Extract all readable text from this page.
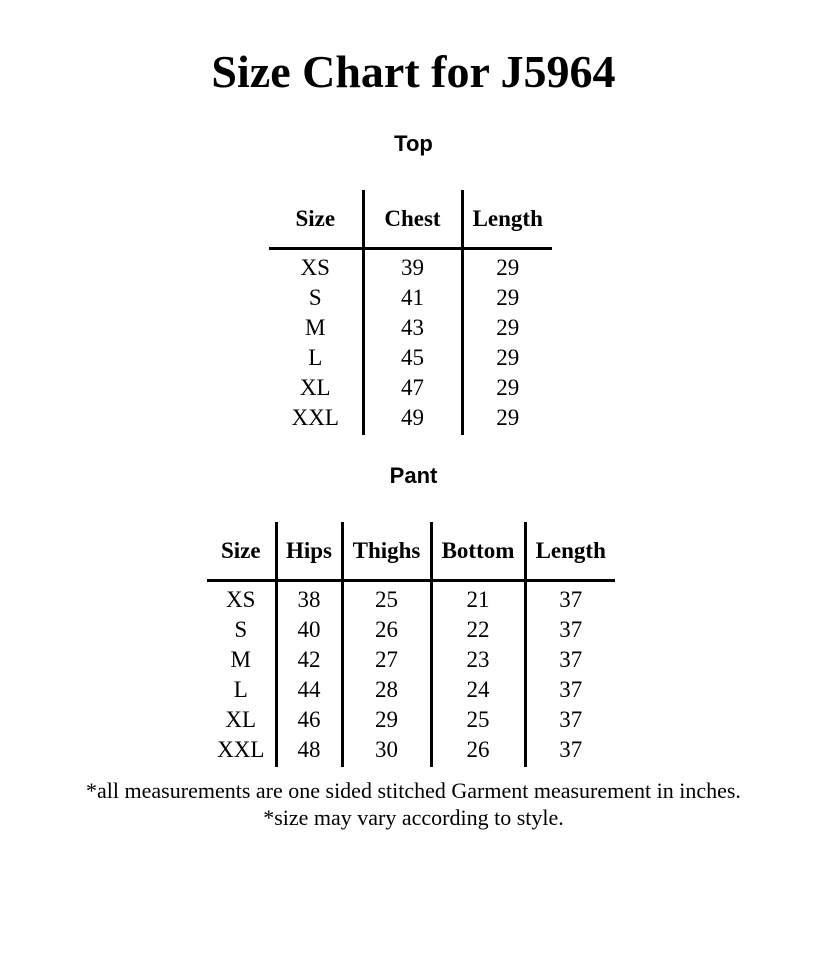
Size Chart for J5964
Top
Size	Chest	Length
XS	39	29
S	41	29
M	43	29
L	45	29
XL	47	29
XXL	49	29
Pant
Size	Hips	Thighs	Bottom	Length
XS	38	25	21	37
S	40	26	22	37
M	42	27	23	37
L	44	28	24	37
XL	46	29	25	37
XXL	48	30	26	37

*all measurements are one sided stitched Garment measurement in inches.

*size may vary according to style.
